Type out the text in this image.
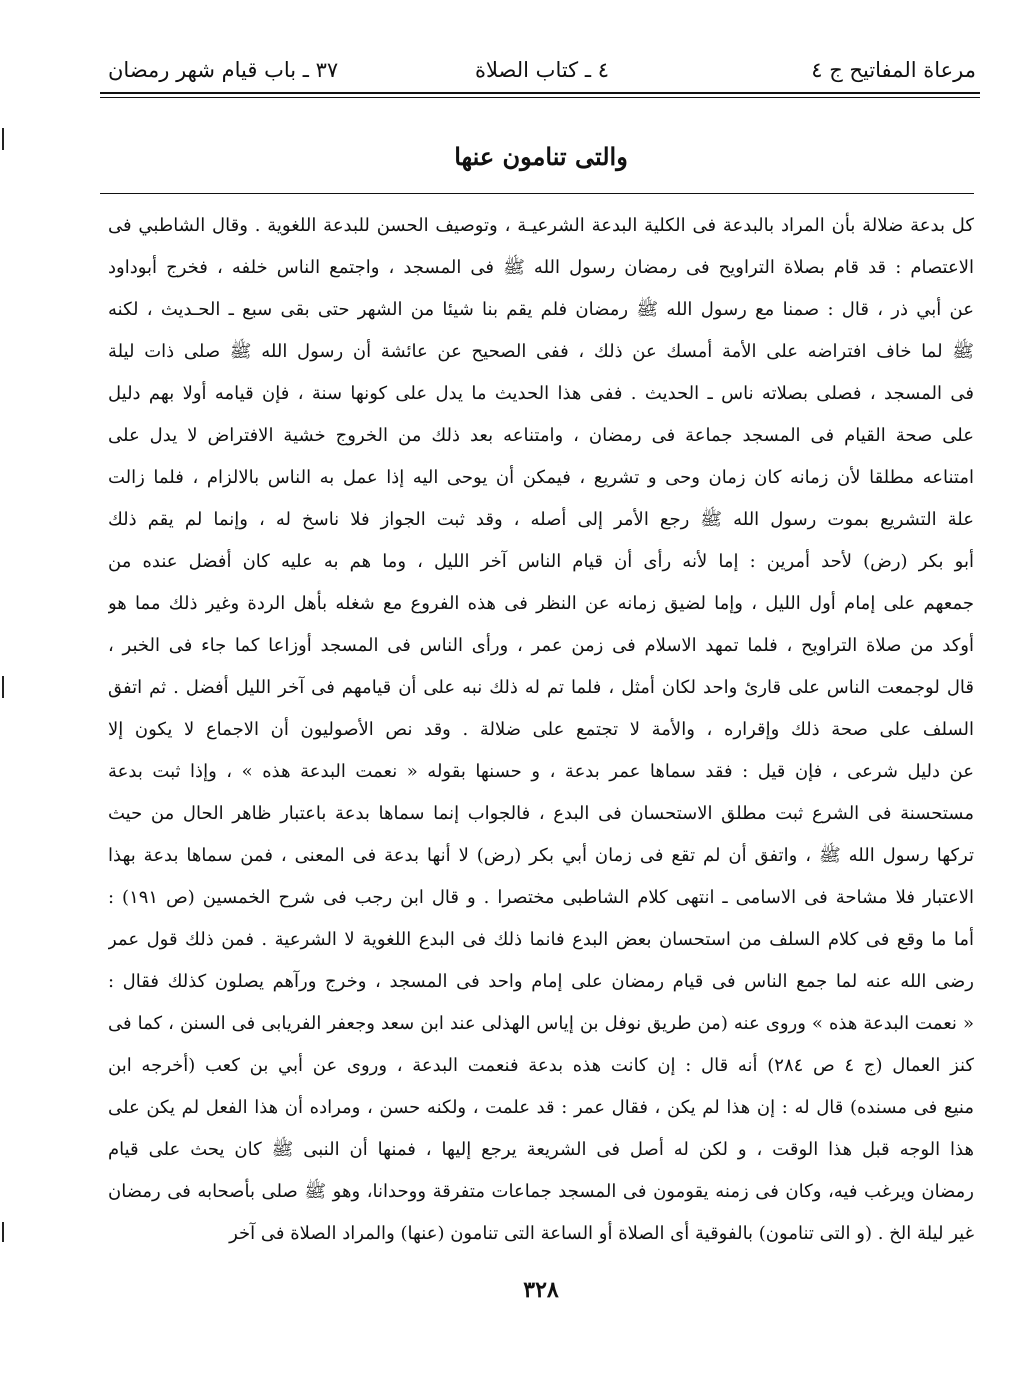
مرعاة المفاتيح ج ٤
٤ ـ كتاب الصلاة
٣٧ ـ باب قيام شهر رمضان
والتى تنامون عنها
كل بدعة ضلالة بأن المراد بالبدعة فى الكلية البدعة الشرعيـة ، وتوصيف الحسن للبدعة اللغوية . وقال الشاطبي فى
الاعتصام : قد قام بصلاة التراويح فى رمضان رسول الله ﷺ فى المسجد ، واجتمع الناس خلفه ، فخرج أبوداود
عن أبي ذر ، قال : صمنا مع رسول الله ﷺ رمضان فلم يقم بنا شيئا من الشهر حتى بقى سبع ـ الحـديث ، لكنه
ﷺ لما خاف افتراضه على الأمة أمسك عن ذلك ، ففى الصحيح عن عائشة أن رسول الله ﷺ صلى ذات ليلة
فى المسجد ، فصلى بصلاته ناس ـ الحديث . ففى هذا الحديث ما يدل على كونها سنة ، فإن قيامه أولا بهم دليل
على صحة القيام فى المسجد جماعة فى رمضان ، وامتناعه بعد ذلك من الخروج خشية الافتراض لا يدل على
امتناعه مطلقا لأن زمانه كان زمان وحى و تشريع ، فيمكن أن يوحى اليه إذا عمل به الناس بالالزام ، فلما زالت
علة التشريع بموت رسول الله ﷺ رجع الأمر إلى أصله ، وقد ثبت الجواز فلا ناسخ له ، وإنما لم يقم ذلك
أبو بكر (رض) لأحد أمرين : إما لأنه رأى أن قيام الناس آخر الليل ، وما هم به عليه كان أفضل عنده من
جمعهم على إمام أول الليل ، وإما لضيق زمانه عن النظر فى هذه الفروع مع شغله بأهل الردة وغير ذلك مما هو
أوكد من صلاة التراويح ، فلما تمهد الاسلام فى زمن عمر ، ورأى الناس فى المسجد أوزاعا كما جاء فى الخبر ،
قال لوجمعت الناس على قارئ واحد لكان أمثل ، فلما تم له ذلك نبه على أن قيامهم فى آخر الليل أفضل . ثم اتفق
السلف على صحة ذلك وإقراره ، والأمة لا تجتمع على ضلالة . وقد نص الأصوليون أن الاجماع لا يكون إلا
عن دليل شرعى ، فإن قيل : فقد سماها عمر بدعة ، و حسنها بقوله « نعمت البدعة هذه » ، وإذا ثبت بدعة
مستحسنة فى الشرع ثبت مطلق الاستحسان فى البدع ، فالجواب إنما سماها بدعة باعتبار ظاهر الحال من حيث
تركها رسول الله ﷺ ، واتفق أن لم تقع فى زمان أبي بكر (رض) لا أنها بدعة فى المعنى ، فمن سماها بدعة بهذا
الاعتبار فلا مشاحة فى الاسامى ـ انتهى كلام الشاطبى مختصرا . و قال ابن رجب فى شرح الخمسين (ص ١٩١) :
أما ما وقع فى كلام السلف من استحسان بعض البدع فانما ذلك فى البدع اللغوية لا الشرعية . فمن ذلك قول عمر
رضى الله عنه لما جمع الناس فى قيام رمضان على إمام واحد فى المسجد ، وخرج ورآهم يصلون كذلك فقال :
« نعمت البدعة هذه » وروى عنه (من طريق نوفل بن إياس الهذلى عند ابن سعد وجعفر الفريابى فى السنن ، كما فى
كنز العمال (ج ٤ ص ٢٨٤) أنه قال : إن كانت هذه بدعة فنعمت البدعة ، وروى عن أبي بن كعب (أخرجه ابن
منيع فى مسنده) قال له : إن هذا لم يكن ، فقال عمر : قد علمت ، ولكنه حسن ، ومراده أن هذا الفعل لم يكن على
هذا الوجه قبل هذا الوقت ، و لكن له أصل فى الشريعة يرجع إليها ، فمنها أن النبى ﷺ كان يحث على قيام
رمضان ويرغب فيه، وكان فى زمنه يقومون فى المسجد جماعات متفرقة ووحدانا، وهو ﷺ صلى بأصحابه فى رمضان
غير ليلة الخ . (و التى تنامون) بالفوقية أى الصلاة أو الساعة التى تنامون (عنها) والمراد الصلاة فى آخر
٣٢٨
